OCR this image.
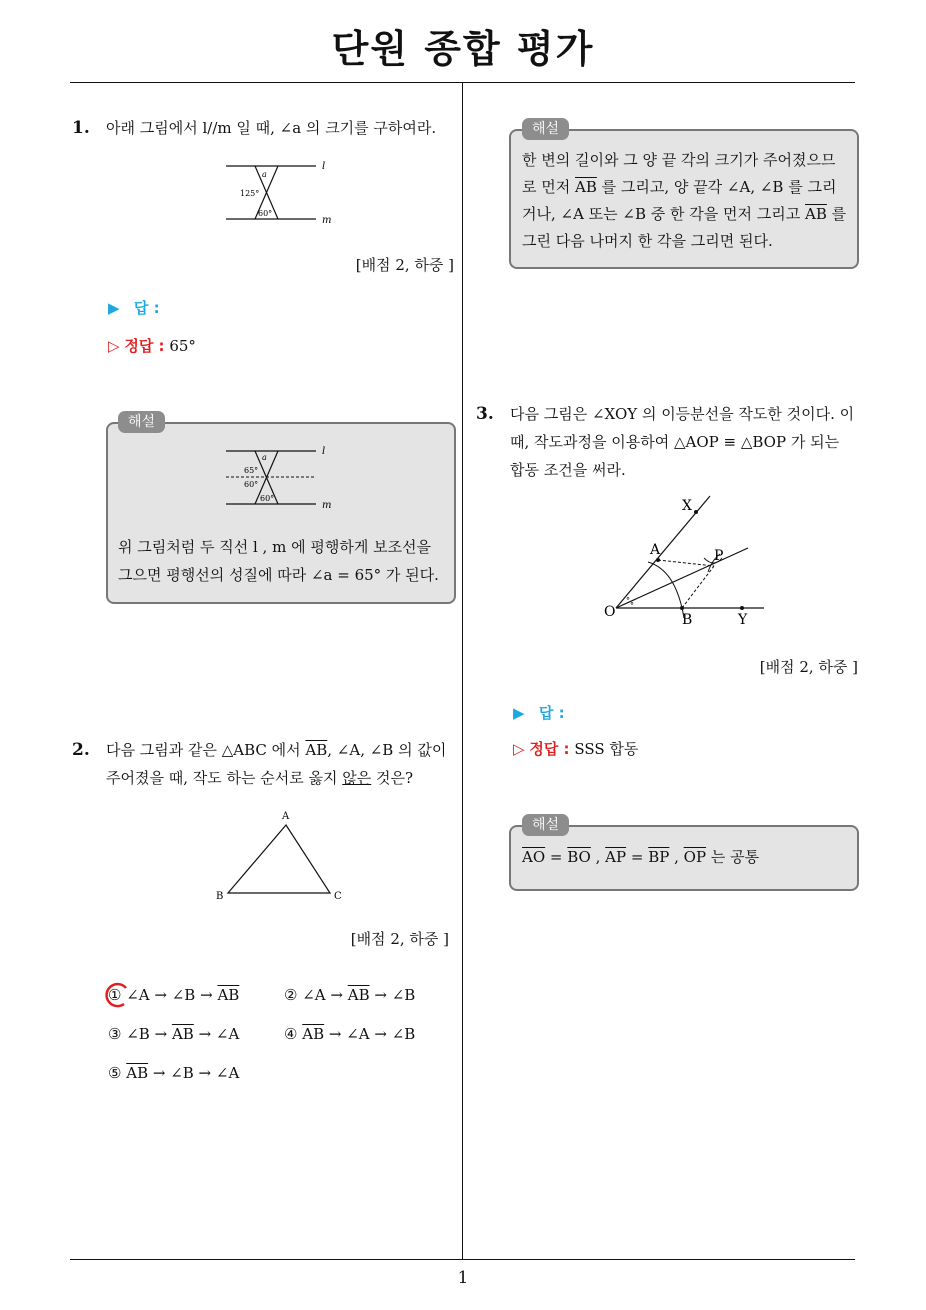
단원 종합 평가
1
1. 아래 그림에서 l//m 일 때, ∠a 의 크기를 구하여라.
l
m
a
125°
60°
[배점 2, 하중 ]
▶ 답 :
▷ 정답 : 65°
해설
l
m
a
65°
60°
60°
위 그림처럼 두 직선 l , m 에 평행하게 보조선을
그으면 평행선의 성질에 따라 ∠a = 65° 가 된다.
2. 다음 그림과 같은 △ABC 에서 $\overline{AB}$, ∠A, ∠B 의 값이
주어졌을 때, 작도 하는 순서로 옳지 않은 것은?
A
B	C
[배점 2, 하중 ]
① ∠A → ∠B → $\overline{AB}$	② ∠A → $\overline{AB}$ → ∠B
③ ∠B → $\overline{AB}$ → ∠A	④ $\overline{AB}$ → ∠A → ∠B
⑤ $\overline{AB}$ → ∠B → ∠A
해설
한 변의 길이와 그 양 끝 각의 크기가 주어졌으므
로 먼저 $\overline{AB}$ 를 그리고, 양 끝각 ∠A, ∠B 를 그리
거나, ∠A 또는 ∠B 중 한 각을 먼저 그리고 $\overline{AB}$ 를
그린 다음 나머지 한 각을 그리면 된다.
3. 다음 그림은 ∠XOY 의 이등분선을 작도한 것이다. 이
때, 작도과정을 이용하여 △AOP ≡ △BOP 가 되는
합동 조건을 써라.
°
°
X
A	P
O	B	Y
[배점 2, 하중 ]
▶ 답 :
▷ 정답 : SSS 합동
해설
$\overline{AO} = \overline{BO}$ , $\overline{AP} = \overline{BP}$ , $\overline{OP}$ 는 공통
